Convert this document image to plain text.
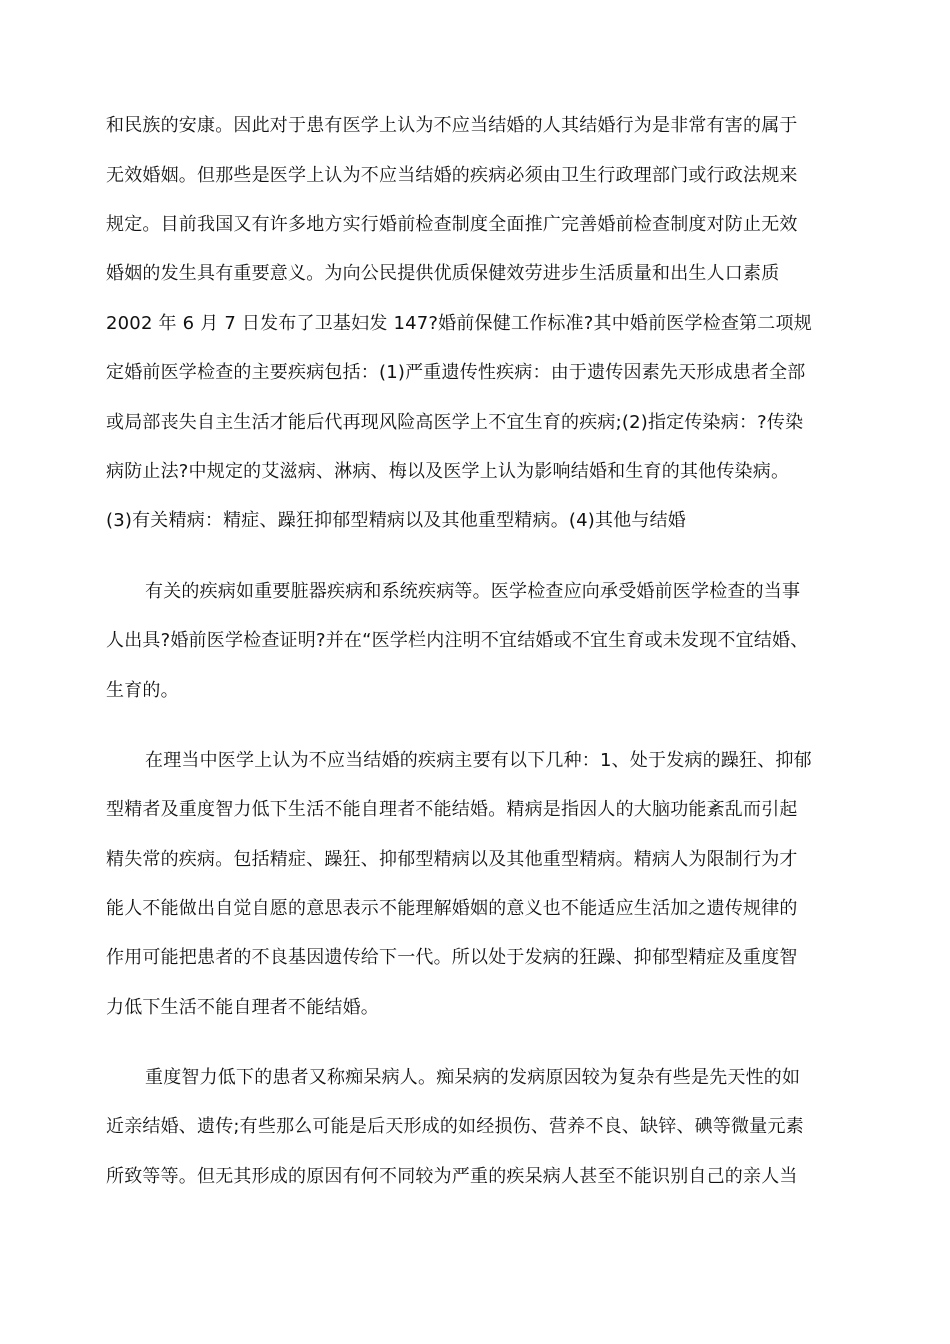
和民族的安康。因此对于患有医学上认为不应当结婚的人其结婚行为是非常有害的属于
无效婚姻。但那些是医学上认为不应当结婚的疾病必须由卫生行政理部门或行政法规来
规定。目前我国又有许多地方实行婚前检查制度全面推广完善婚前检查制度对防止无效
婚姻的发生具有重要意义。为向公民提供优质保健效劳进步生活质量和出生人口素质
2002 年 6 月 7 日发布了卫基妇发 147?婚前保健工作标准?其中婚前医学检查第二项规
定婚前医学检查的主要疾病包括：(1)严重遗传性疾病：由于遗传因素先天形成患者全部
或局部丧失自主生活才能后代再现风险高医学上不宜生育的疾病;(2)指定传染病：?传染
病防止法?中规定的艾滋病、淋病、梅以及医学上认为影响结婚和生育的其他传染病。
(3)有关精病：精症、躁狂抑郁型精病以及其他重型精病。(4)其他与结婚
有关的疾病如重要脏器疾病和系统疾病等。医学检查应向承受婚前医学检查的当事
人出具?婚前医学检查证明?并在“医学栏内注明不宜结婚或不宜生育或未发现不宜结婚、
生育的。
在理当中医学上认为不应当结婚的疾病主要有以下几种：1、处于发病的躁狂、抑郁
型精者及重度智力低下生活不能自理者不能结婚。精病是指因人的大脑功能紊乱而引起
精失常的疾病。包括精症、躁狂、抑郁型精病以及其他重型精病。精病人为限制行为才
能人不能做出自觉自愿的意思表示不能理解婚姻的意义也不能适应生活加之遗传规律的
作用可能把患者的不良基因遗传给下一代。所以处于发病的狂躁、抑郁型精症及重度智
力低下生活不能自理者不能结婚。
重度智力低下的患者又称痴呆病人。痴呆病的发病原因较为复杂有些是先天性的如
近亲结婚、遗传;有些那么可能是后天形成的如经损伤、营养不良、缺锌、碘等微量元素
所致等等。但无其形成的原因有何不同较为严重的疾呆病人甚至不能识别自己的亲人当
